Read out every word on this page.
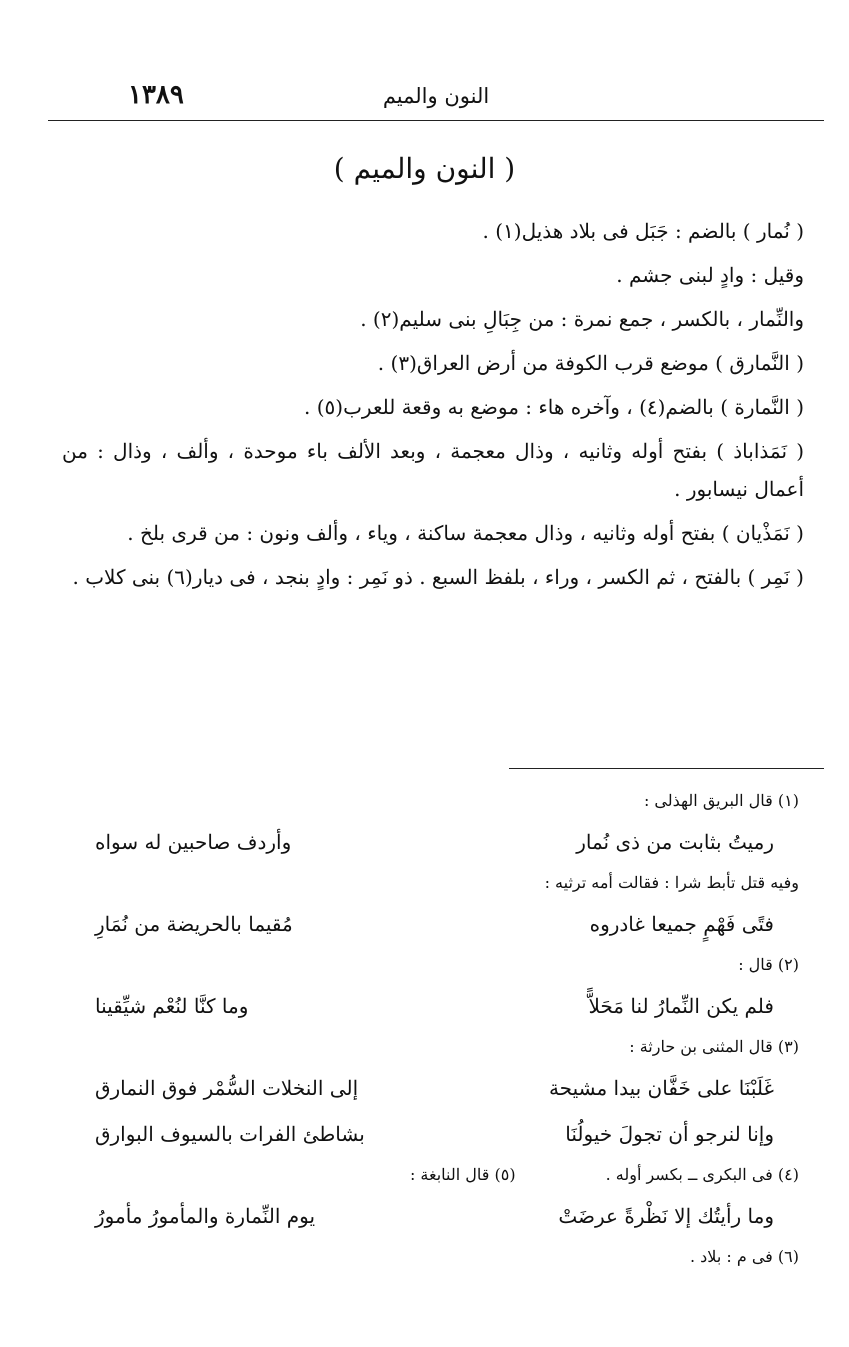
النون والميم
١٣٨٩
( النون والميم )

( نُمار ) بالضم : جَبَل فى بلاد هذيل(١) .

وقيل : وادٍ لبنى جشم .

والنِّمار ، بالكسر ، جمع نمرة : من جِبَالِ بنى سليم(٢) .

( النَّمارق ) موضع قرب الكوفة من أرض العراق(٣) .

( النَّمارة ) بالضم(٤) ، وآخره هاء : موضع به وقعة للعرب(٥) .

( نَمَذاباذ ) بفتح أوله وثانيه ، وذال معجمة ، وبعد الألف باء موحدة ، وألف ، وذال : من أعمال نيسابور .

( نَمَذْيان ) بفتح أوله وثانيه ، وذال معجمة ساكنة ، وياء ، وألف ونون : من قرى بلخ .

( نَمِر ) بالفتح ، ثم الكسر ، وراء ، بلفظ السبع . ذو نَمِر : وادٍ بنجد ، فى ديار(٦) بنى كلاب .

(١) قال البريق الهذلى :
رميتُ بثابت من ذى نُمار
وأردف صاحبين له سواه
وفيه قتل تأبط شرا : فقالت أمه ترثيه :
فتًى فَهْمٍ جميعا غادروه
مُقيما بالحريضة من نُمَارِ
(٢) قال :
فلم يكن النِّمارُ لنا مَحَلاًّ
وما كنَّا لنُعْم شيِّقينا
(٣) قال المثنى بن حارثة :
غَلَبْنَا على خَفَّان بيدا مشيحة
إلى النخلات السُّمْر فوق النمارق
وإنا لنرجو أن تجولَ خيولُنَا
بشاطئ الفرات بالسيوف البوارق
(٤) فى البكرى ــ بكسر أوله .
(٥) قال النابغة :
وما رأيتُك إلا نَظْرةً عرضَتْ
يوم النِّمارة والمأمورُ مأمورُ
(٦) فى م : بلاد .
